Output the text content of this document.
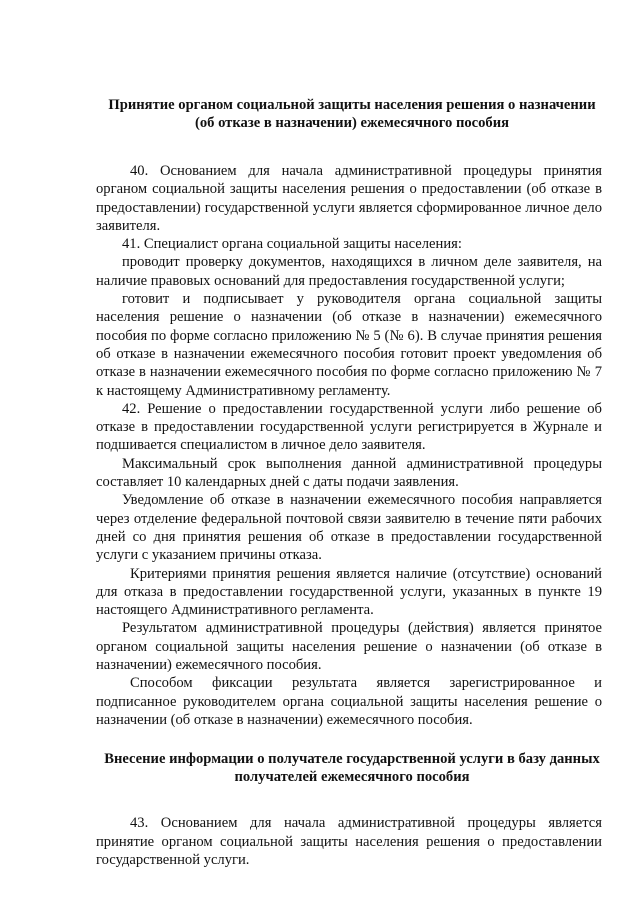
Принятие органом социальной защиты населения решения о назначении (об отказе в назначении) ежемесячного пособия

40. Основанием для начала административной процедуры принятия органом социальной защиты населения решения о предоставлении (об отказе в предоставлении) государственной услуги является сформированное личное дело заявителя.

41. Специалист органа социальной защиты населения:

проводит проверку документов, находящихся в личном деле заявителя, на наличие правовых оснований для предоставления государственной услуги;

готовит и подписывает у руководителя органа социальной защиты населения решение о назначении (об отказе в назначении) ежемесячного пособия по форме согласно приложению № 5 (№ 6). В случае принятия решения об отказе в назначении ежемесячного пособия готовит проект уведомления об отказе в назначении ежемесячного пособия по форме согласно приложению № 7 к настоящему Административному регламенту.

42. Решение о предоставлении государственной услуги либо решение об отказе в предоставлении государственной услуги регистрируется в Журнале и подшивается специалистом в личное дело заявителя.

Максимальный срок выполнения данной административной процедуры составляет 10 календарных дней с даты подачи заявления.

Уведомление об отказе в назначении ежемесячного пособия направляется через отделение федеральной почтовой связи заявителю в течение пяти рабочих дней со дня принятия решения об отказе в предоставлении государственной услуги с указанием причины отказа.

Критериями принятия решения является наличие (отсутствие) оснований для отказа в предоставлении государственной услуги, указанных в пункте 19 настоящего Административного регламента.

Результатом административной процедуры (действия) является принятое органом социальной защиты населения решение о назначении (об отказе в назначении) ежемесячного пособия.

Способом фиксации результата является зарегистрированное и подписанное руководителем органа социальной защиты населения решение о назначении (об отказе в назначении) ежемесячного пособия.

Внесение информации о получателе государственной услуги в базу данных получателей ежемесячного пособия

43. Основанием для начала административной процедуры является принятие органом социальной защиты населения решения о предоставлении государственной услуги.
